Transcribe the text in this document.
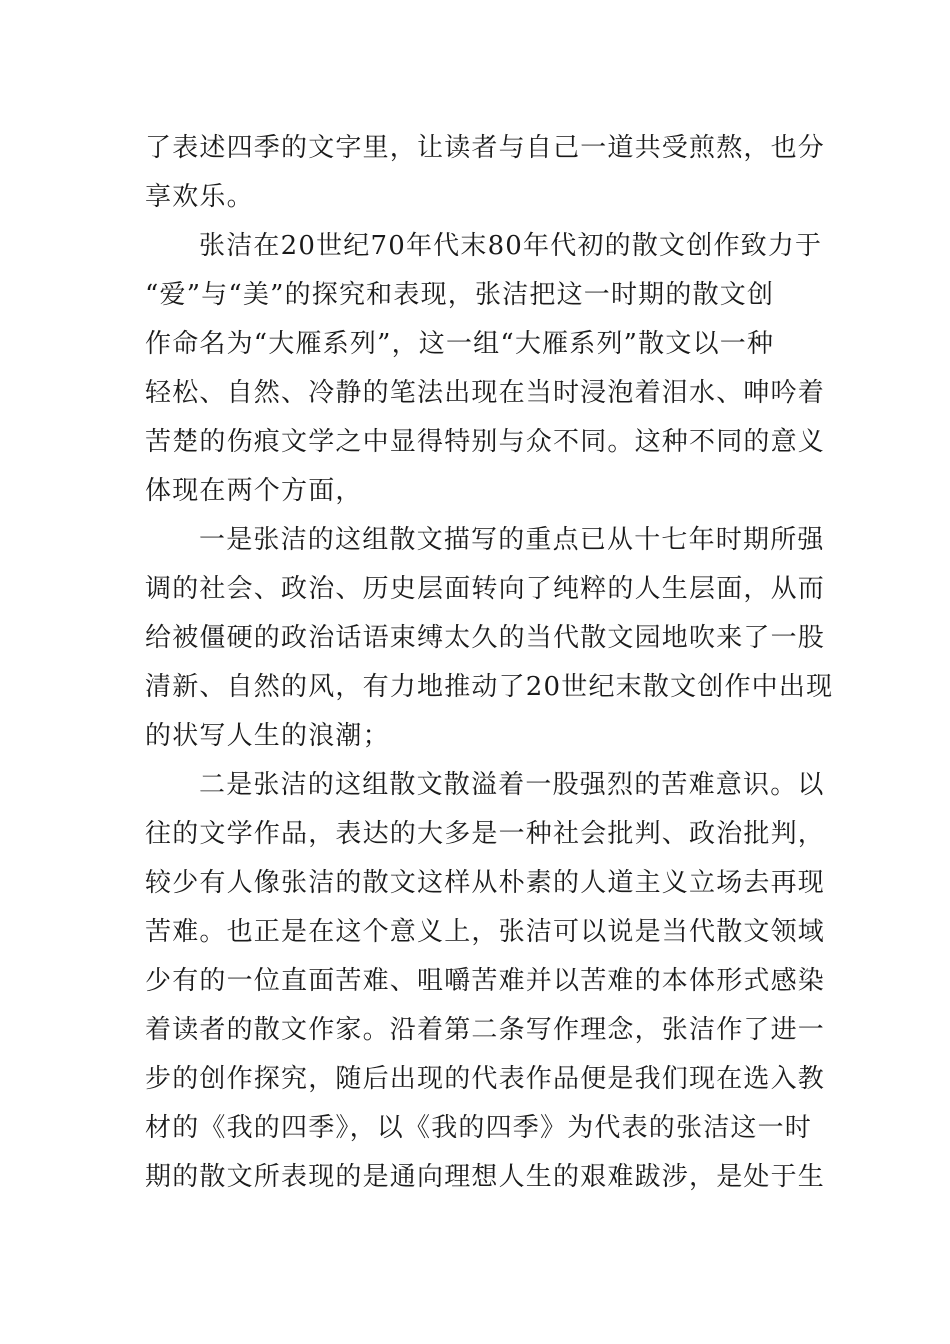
了表述四季的文字里，让读者与自己一道共受煎熬，也分
享欢乐。
张洁在20世纪70年代末80年代初的散文创作致力于
“爱”与“美”的探究和表现，张洁把这一时期的散文创
作命名为“大雁系列”，这一组“大雁系列”散文以一种
轻松、自然、冷静的笔法出现在当时浸泡着泪水、呻吟着
苦楚的伤痕文学之中显得特别与众不同。这种不同的意义
体现在两个方面，
一是张洁的这组散文描写的重点已从十七年时期所强
调的社会、政治、历史层面转向了纯粹的人生层面，从而
给被僵硬的政治话语束缚太久的当代散文园地吹来了一股
清新、自然的风，有力地推动了20世纪末散文创作中出现
的状写人生的浪潮；
二是张洁的这组散文散溢着一股强烈的苦难意识。以
往的文学作品，表达的大多是一种社会批判、政治批判，
较少有人像张洁的散文这样从朴素的人道主义立场去再现
苦难。也正是在这个意义上，张洁可以说是当代散文领域
少有的一位直面苦难、咀嚼苦难并以苦难的本体形式感染
着读者的散文作家。沿着第二条写作理念，张洁作了进一
步的创作探究，随后出现的代表作品便是我们现在选入教
材的《我的四季》，以《我的四季》为代表的张洁这一时
期的散文所表现的是通向理想人生的艰难跋涉，是处于生
